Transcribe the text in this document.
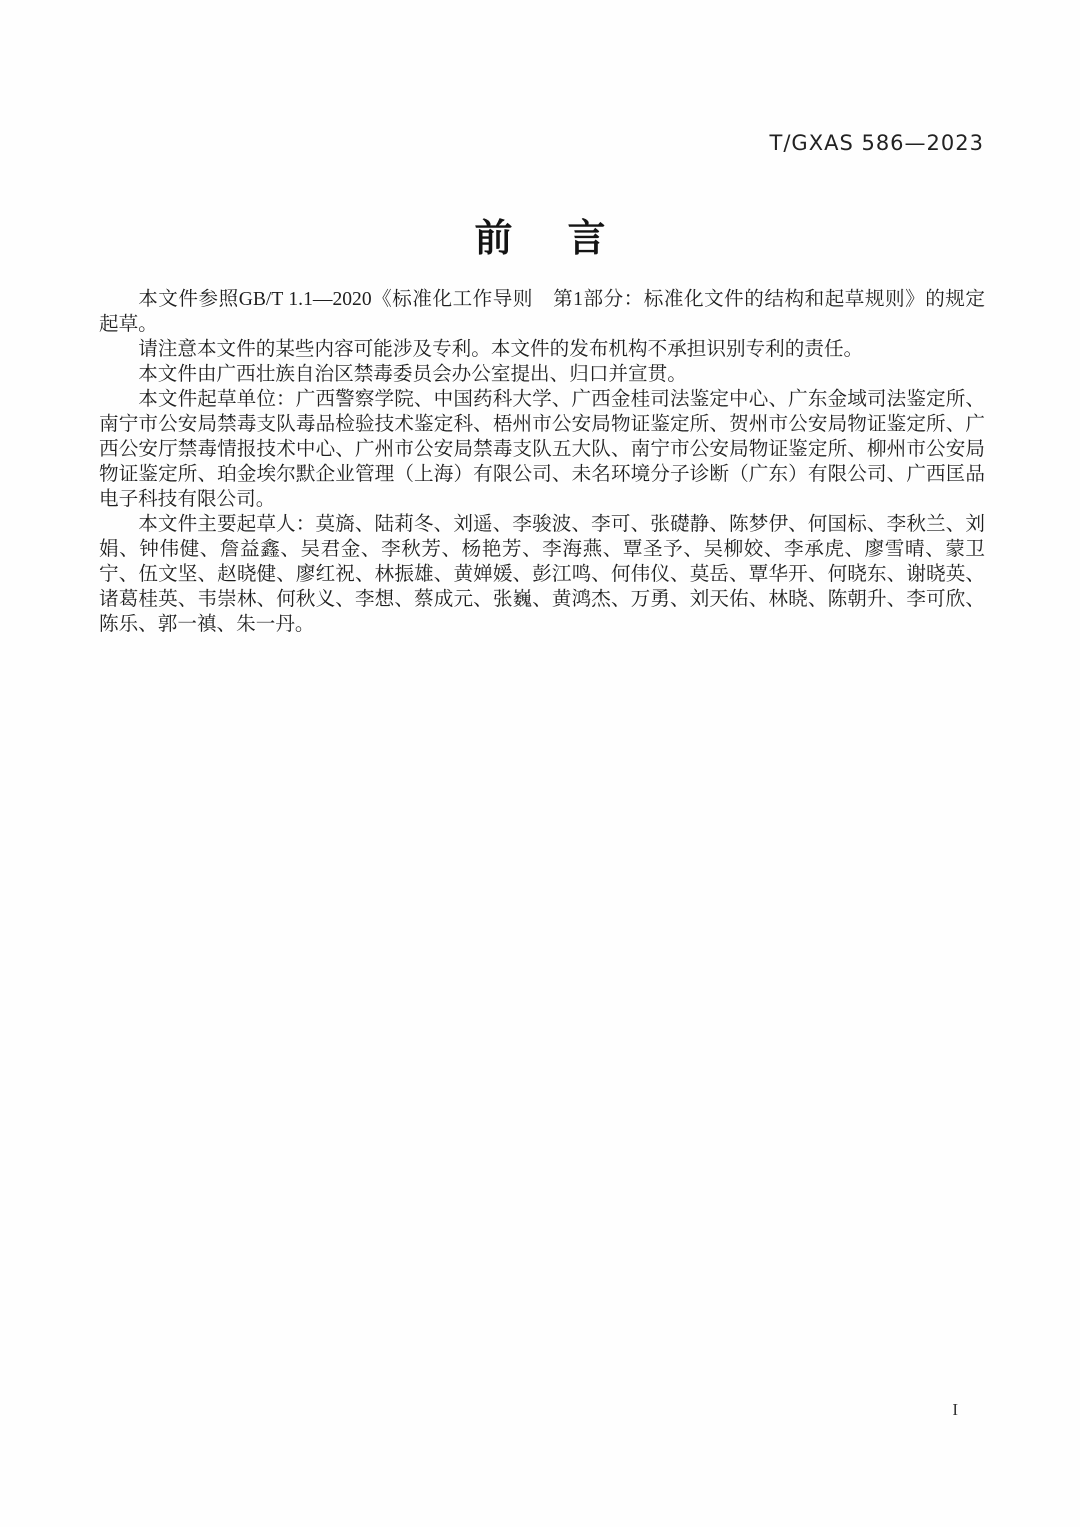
T/GXAS 586—2023
前言

本文件参照GB/T 1.1—2020《标准化工作导则　第1部分：标准化文件的结构和起草规则》的规定起草。

请注意本文件的某些内容可能涉及专利。本文件的发布机构不承担识别专利的责任。

本文件由广西壮族自治区禁毒委员会办公室提出、归口并宣贯。

本文件起草单位：广西警察学院、中国药科大学、广西金桂司法鉴定中心、广东金域司法鉴定所、南宁市公安局禁毒支队毒品检验技术鉴定科、梧州市公安局物证鉴定所、贺州市公安局物证鉴定所、广西公安厅禁毒情报技术中心、广州市公安局禁毒支队五大队、南宁市公安局物证鉴定所、柳州市公安局物证鉴定所、珀金埃尔默企业管理（上海）有限公司、未名环境分子诊断（广东）有限公司、广西匡品电子科技有限公司。

本文件主要起草人：莫旖、陆莉冬、刘遥、李骏波、李可、张礎静、陈梦伊、何国标、李秋兰、刘娟、钟伟健、詹益鑫、吴君金、李秋芳、杨艳芳、李海燕、覃圣予、吴柳姣、李承虎、廖雪晴、蒙卫宁、伍文坚、赵晓健、廖红祝、林振雄、黄婵媛、彭江鸣、何伟仪、莫岳、覃华开、何晓东、谢晓英、诸葛桂英、韦崇林、何秋义、李想、蔡成元、张巍、黄鸿杰、万勇、刘天佑、林晓、陈朝升、李可欣、陈乐、郭一禛、朱一丹。

I
